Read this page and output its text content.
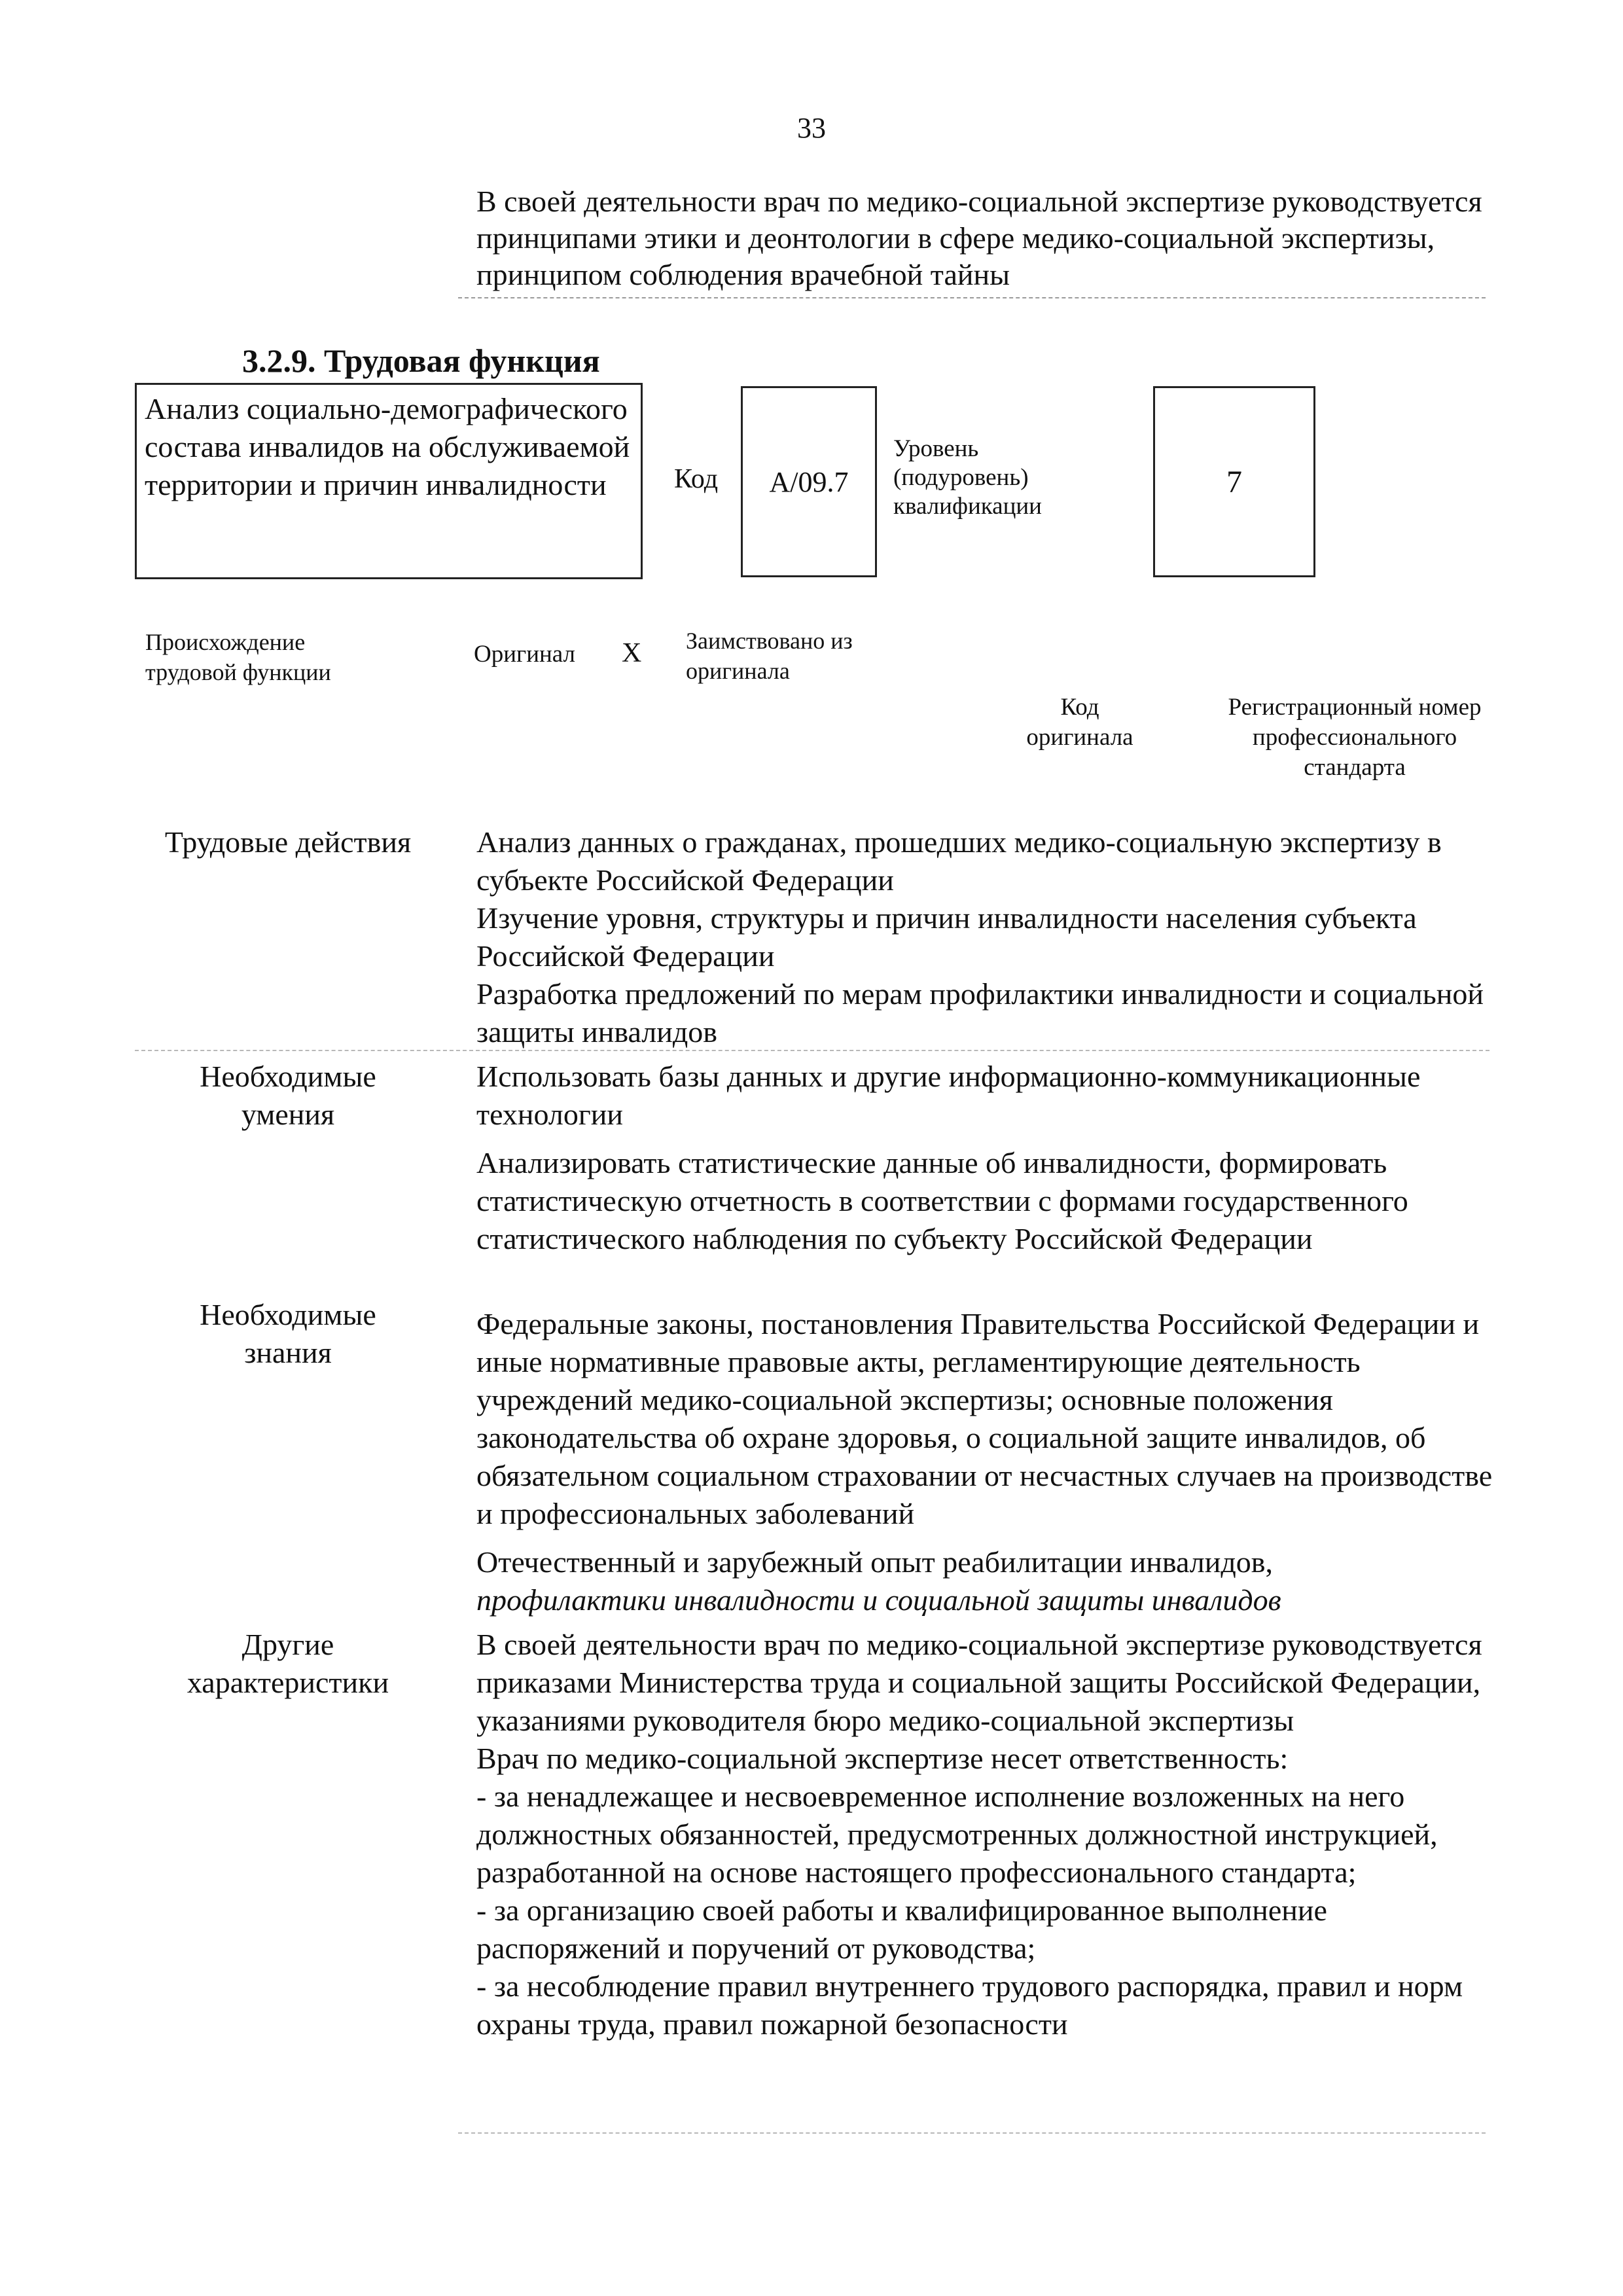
33
В своей деятельности врач по медико-социальной экспертизе руководствуется принципами этики и деонтологии в сфере медико-социальной экспертизы, принципом соблюдения врачебной тайны
3.2.9. Трудовая функция
Анализ социально-демографического состава инвалидов на обслуживаемой территории и причин инвалидности	Код А/09.7
Уровень
(подуровень)
квалификации
7
Происхождение
трудовой функции
Оригинал X Заимствовано из
оригинала
Код
оригинала
Регистрационный номер
профессионального
стандарта
Трудовые действия	Анализ данных о гражданах, прошедших медико-социальную экспертизу в субъекте Российской Федерации

Изучение уровня, структуры и причин инвалидности населения субъекта Российской Федерации

Разработка предложений по мерам профилактики инвалидности и социальной защиты инвалидов

Необходимые
умения

Использовать базы данных и другие информационно-коммуникационные технологии

Анализировать статистические данные об инвалидности, формировать статистическую отчетность в соответствии с формами государственного статистического наблюдения по субъекту Российской Федерации

Необходимые
знания

Федеральные законы, постановления Правительства Российской Федерации и иные нормативные правовые акты, регламентирующие деятельность учреждений медико-социальной экспертизы; основные положения законодательства об охране здоровья, о социальной защите инвалидов, об обязательном социальном страховании от несчастных случаев на производстве и профессиональных заболеваний

Отечественный и зарубежный опыт реабилитации инвалидов,

профилактики инвалидности и социальной защиты инвалидов

Другие
характеристики

В своей деятельности врач по медико-социальной экспертизе руководствуется приказами Министерства труда и социальной защиты Российской Федерации, указаниями руководителя бюро медико-социальной экспертизы

Врач по медико-социальной экспертизе несет ответственность:

- за ненадлежащее и несвоевременное исполнение возложенных на него должностных обязанностей, предусмотренных должностной инструкцией, разработанной на основе настоящего профессионального стандарта;

- за организацию своей работы и квалифицированное выполнение распоряжений и поручений от руководства;

- за несоблюдение правил внутреннего трудового распорядка, правил и норм охраны труда, правил пожарной безопасности
